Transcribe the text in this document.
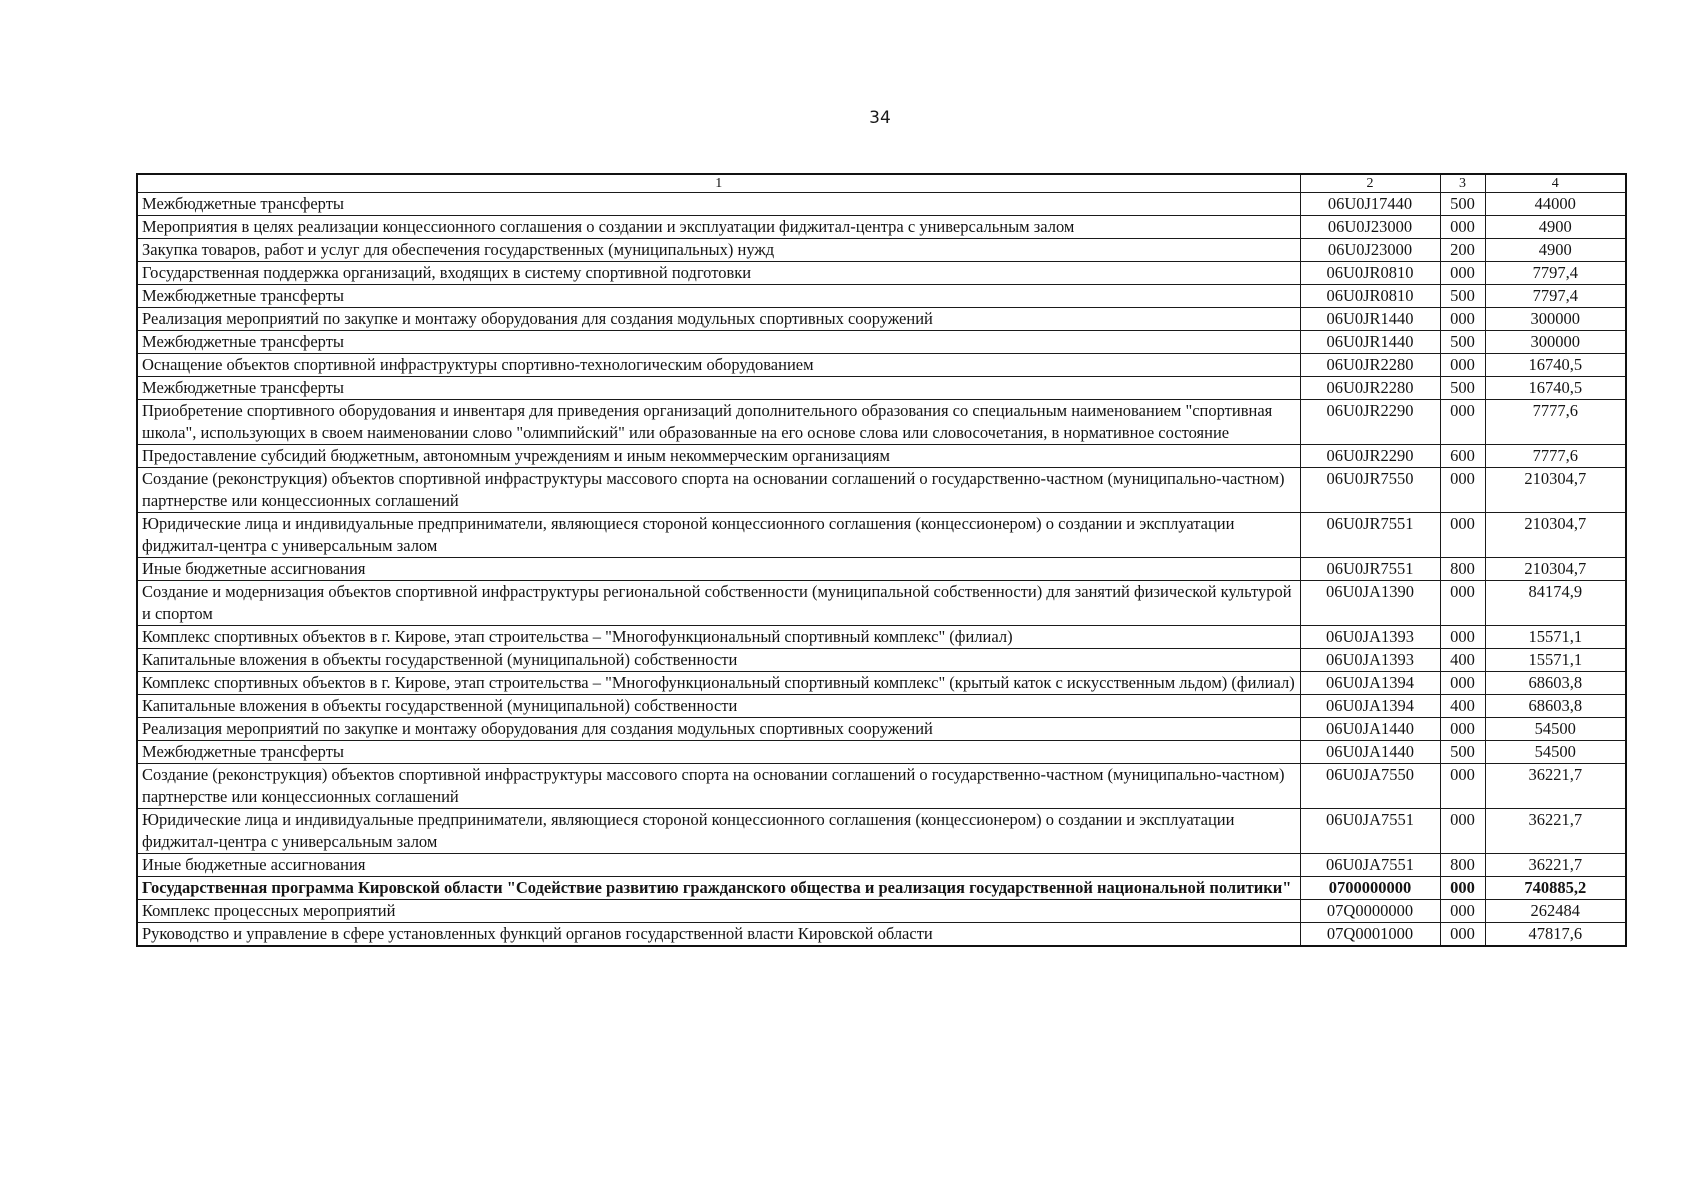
34
1	2	3	4
Межбюджетные трансферты	06U0J17440	500	44000
Мероприятия в целях реализации концессионного соглашения о создании и эксплуатации фиджитал-центра с универсальным залом	06U0J23000	000	4900
Закупка товаров, работ и услуг для обеспечения государственных (муниципальных) нужд	06U0J23000	200	4900
Государственная поддержка организаций, входящих в систему спортивной подготовки	06U0JR0810	000	7797,4
Межбюджетные трансферты	06U0JR0810	500	7797,4
Реализация мероприятий по закупке и монтажу оборудования для создания модульных спортивных сооружений	06U0JR1440	000	300000
Межбюджетные трансферты	06U0JR1440	500	300000
Оснащение объектов спортивной инфраструктуры спортивно-технологическим оборудованием	06U0JR2280	000	16740,5
Межбюджетные трансферты	06U0JR2280	500	16740,5
Приобретение спортивного оборудования и инвентаря для приведения организаций дополнительного образования со специальным наименованием "спортивная школа", использующих в своем наименовании слово "олимпийский" или образованные на его основе слова или словосочетания, в нормативное состояние	06U0JR2290	000	7777,6
Предоставление субсидий бюджетным, автономным учреждениям и иным некоммерческим организациям	06U0JR2290	600	7777,6
Создание (реконструкция) объектов спортивной инфраструктуры массового спорта на основании соглашений о государственно-частном (муниципально-частном) партнерстве или концессионных соглашений	06U0JR7550	000	210304,7
Юридические лица и индивидуальные предприниматели, являющиеся стороной концессионного соглашения (концессионером) о создании и эксплуатации фиджитал-центра с универсальным залом	06U0JR7551	000	210304,7
Иные бюджетные ассигнования	06U0JR7551	800	210304,7
Создание и модернизация объектов спортивной инфраструктуры региональной собственности (муниципальной собственности) для занятий физической культурой и спортом	06U0JA1390	000	84174,9
Комплекс спортивных объектов в г. Кирове, этап строительства – "Многофункциональный спортивный комплекс" (филиал)	06U0JA1393	000	15571,1
Капитальные вложения в объекты государственной (муниципальной) собственности	06U0JA1393	400	15571,1
Комплекс спортивных объектов в г. Кирове, этап строительства – "Многофункциональный спортивный комплекс" (крытый каток с искусственным льдом) (филиал)	06U0JA1394	000	68603,8
Капитальные вложения в объекты государственной (муниципальной) собственности	06U0JA1394	400	68603,8
Реализация мероприятий по закупке и монтажу оборудования для создания модульных спортивных сооружений	06U0JA1440	000	54500
Межбюджетные трансферты	06U0JA1440	500	54500
Создание (реконструкция) объектов спортивной инфраструктуры массового спорта на основании соглашений о государственно-частном (муниципально-частном) партнерстве или концессионных соглашений	06U0JA7550	000	36221,7
Юридические лица и индивидуальные предприниматели, являющиеся стороной концессионного соглашения (концессионером) о создании и эксплуатации фиджитал-центра с универсальным залом	06U0JA7551	000	36221,7
Иные бюджетные ассигнования	06U0JA7551	800	36221,7
Государственная программа Кировской области "Содействие развитию гражданского общества и реализация государственной национальной политики"	0700000000	000	740885,2
Комплекс процессных мероприятий	07Q0000000	000	262484
Руководство и управление в сфере установленных функций органов государственной власти Кировской области	07Q0001000	000	47817,6
